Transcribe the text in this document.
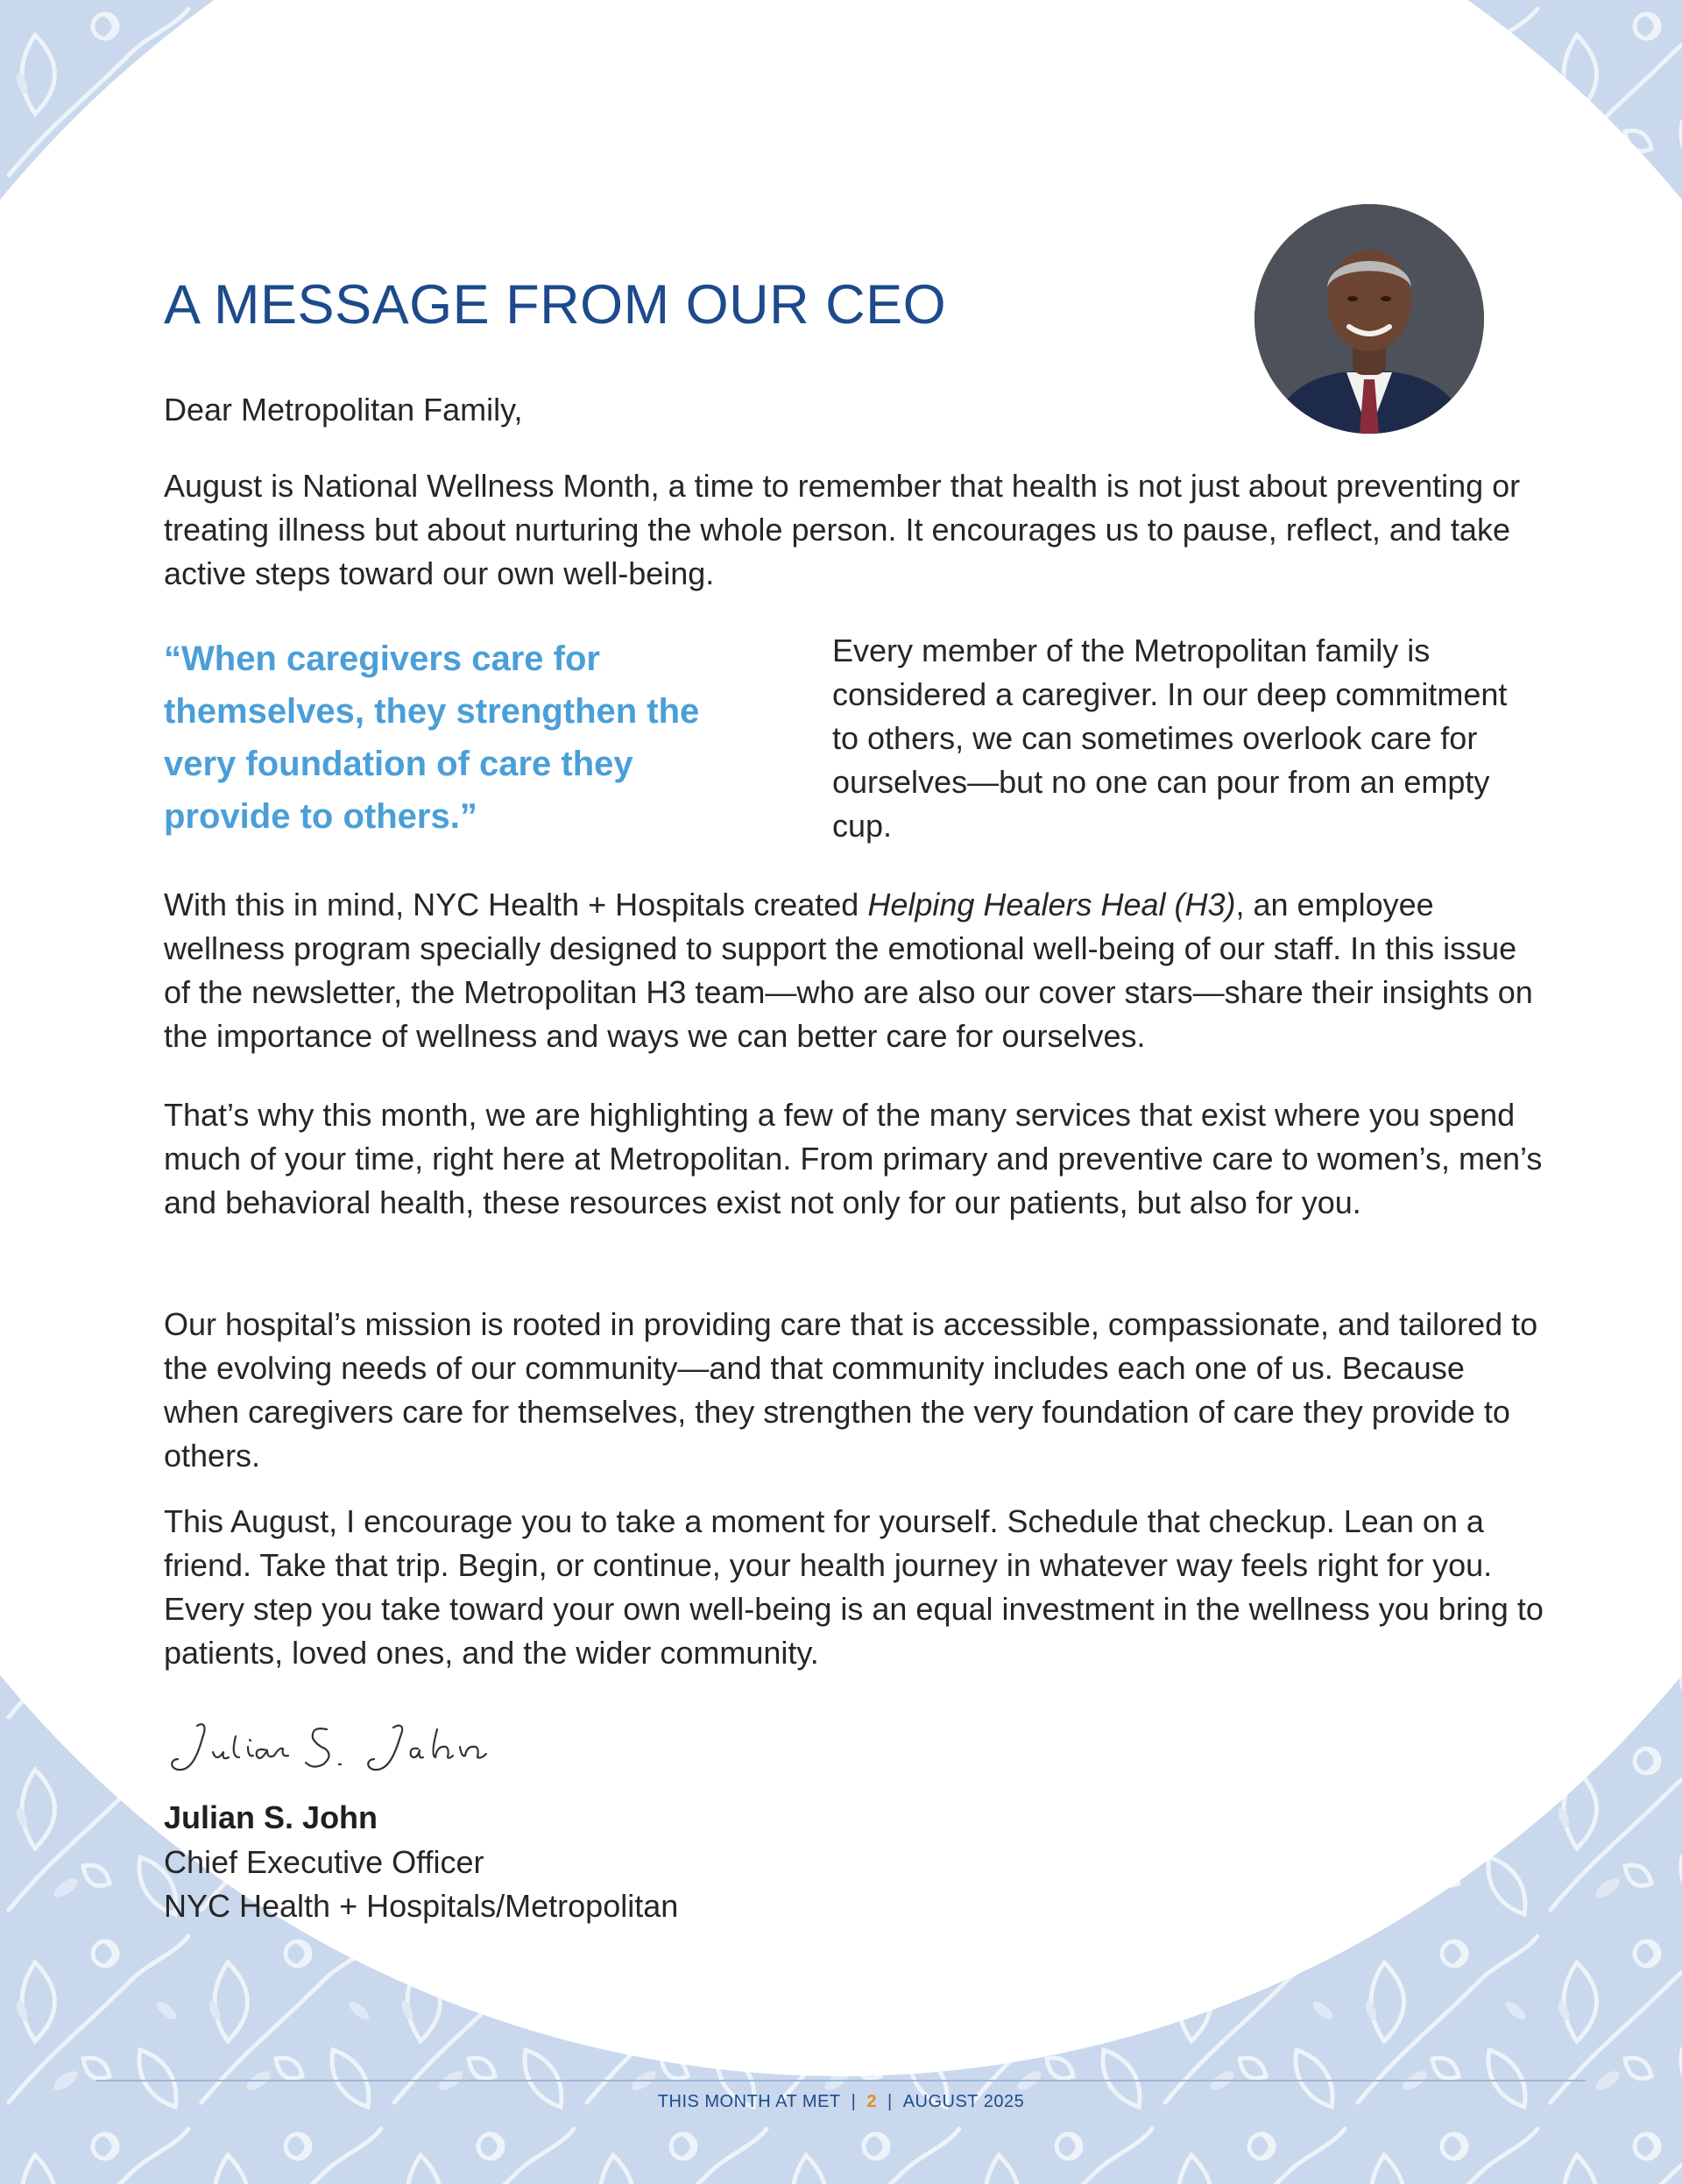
A MESSAGE FROM OUR CEO

Dear Metropolitan Family,

August is National Wellness Month, a time to remember that health is not just about preventing or treating illness but about nurturing the whole person. It encourages us to pause, reflect, and take active steps toward our own well-being.

“When caregivers care for themselves, they strengthen the very foundation of care they provide to others.”

Every member of the Metropolitan family is considered a caregiver. In our deep commitment to others, we can sometimes overlook care for ourselves—but no one can pour from an empty cup.

With this in mind, NYC Health + Hospitals created Helping Healers Heal (H3), an employee wellness program specially designed to support the emotional well-being of our staff. In this issue of the newsletter, the Metropolitan H3 team—who are also our cover stars—share their insights on the importance of wellness and ways we can better care for ourselves.

That’s why this month, we are highlighting a few of the many services that exist where you spend much of your time, right here at Metropolitan. From primary and preventive care to women’s, men’s and behavioral health, these resources exist not only for our patients, but also for you.

Our hospital’s mission is rooted in providing care that is accessible, compassionate, and tailored to the evolving needs of our community—and that community includes each one of us. Because when caregivers care for themselves, they strengthen the very foundation of care they provide to others.

This August, I encourage you to take a moment for yourself. Schedule that checkup. Lean on a friend. Take that trip. Begin, or continue, your health journey in whatever way feels right for you. Every step you take toward your own well-being is an equal investment in the wellness you bring to patients, loved ones, and the wider community.

Julian S. John

Chief Executive Officer

NYC Health + Hospitals/Metropolitan

THIS MONTH AT MET | 2 | AUGUST 2025
